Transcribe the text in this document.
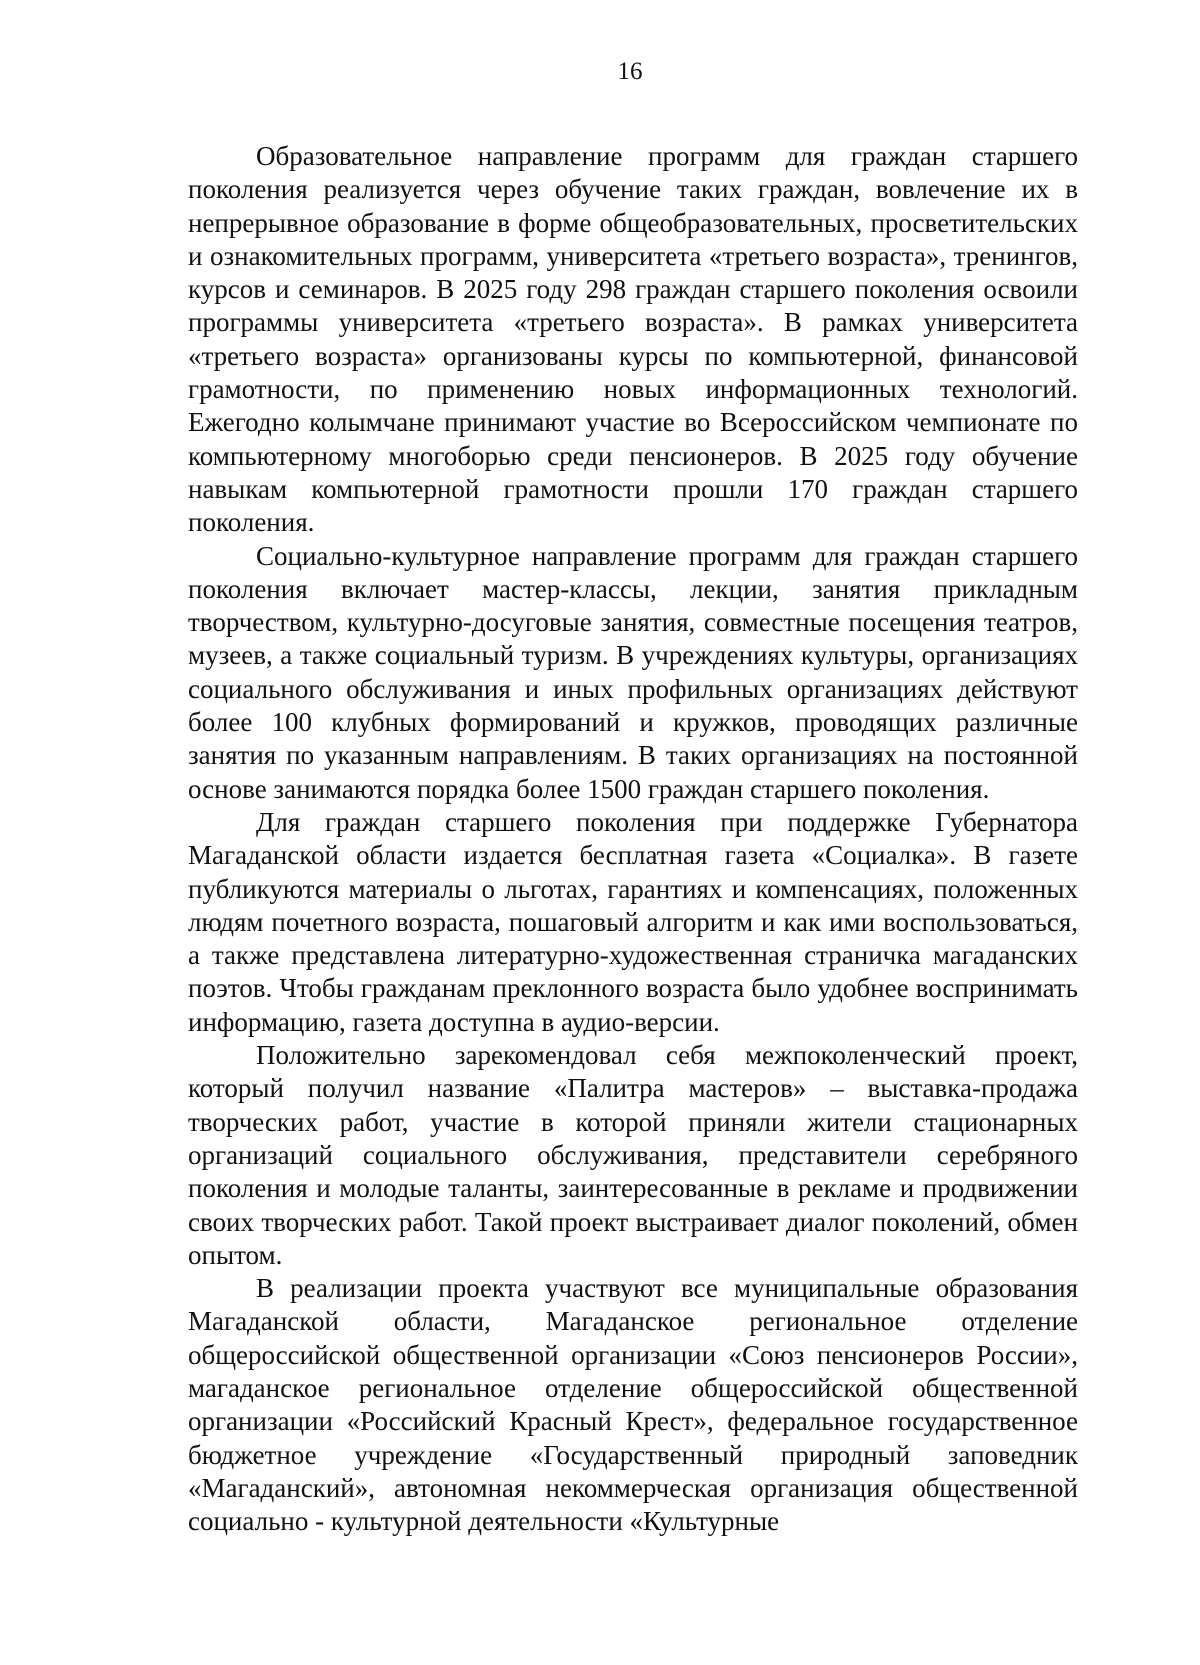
16

Образовательное направление программ для граждан старшего поколения реализуется через обучение таких граждан, вовлечение их в непрерывное образование в форме общеобразовательных, просветительских и ознакомительных программ, университета «третьего возраста», тренингов, курсов и семинаров. В 2025 году 298 граждан старшего поколения освоили программы университета «третьего возраста». В рамках университета «третьего возраста» организованы курсы по компьютерной, финансовой грамотности, по применению новых информационных технологий. Ежегодно колымчане принимают участие во Всероссийском чемпионате по компьютерному многоборью среди пенсионеров. В 2025 году обучение навыкам компьютерной грамотности прошли 170 граждан старшего поколения.

Социально-культурное направление программ для граждан старшего поколения включает мастер-классы, лекции, занятия прикладным творчеством, культурно-досуговые занятия, совместные посещения театров, музеев, а также социальный туризм. В учреждениях культуры, организациях социального обслуживания и иных профильных организациях действуют более 100 клубных формирований и кружков, проводящих различные занятия по указанным направлениям. В таких организациях на постоянной основе занимаются порядка более 1500 граждан старшего поколения.

Для граждан старшего поколения при поддержке Губернатора Магаданской области издается бесплатная газета «Социалка». В газете публикуются материалы о льготах, гарантиях и компенсациях, положенных людям почетного возраста, пошаговый алгоритм и как ими воспользоваться, а также представлена литературно-художественная страничка магаданских поэтов. Чтобы гражданам преклонного возраста было удобнее воспринимать информацию, газета доступна в аудио-версии.

Положительно зарекомендовал себя межпоколенческий проект, который получил название «Палитра мастеров» – выставка-продажа творческих работ, участие в которой приняли жители стационарных организаций социального обслуживания, представители серебряного поколения и молодые таланты, заинтересованные в рекламе и продвижении своих творческих работ. Такой проект выстраивает диалог поколений, обмен опытом.

В реализации проекта участвуют все муниципальные образования Магаданской области, Магаданское региональное отделение общероссийской общественной организации «Союз пенсионеров России», магаданское региональное отделение общероссийской общественной организации «Российский Красный Крест», федеральное государственное бюджетное учреждение «Государственный природный заповедник «Магаданский», автономная некоммерческая организация общественной социально - культурной деятельности «Культурные
